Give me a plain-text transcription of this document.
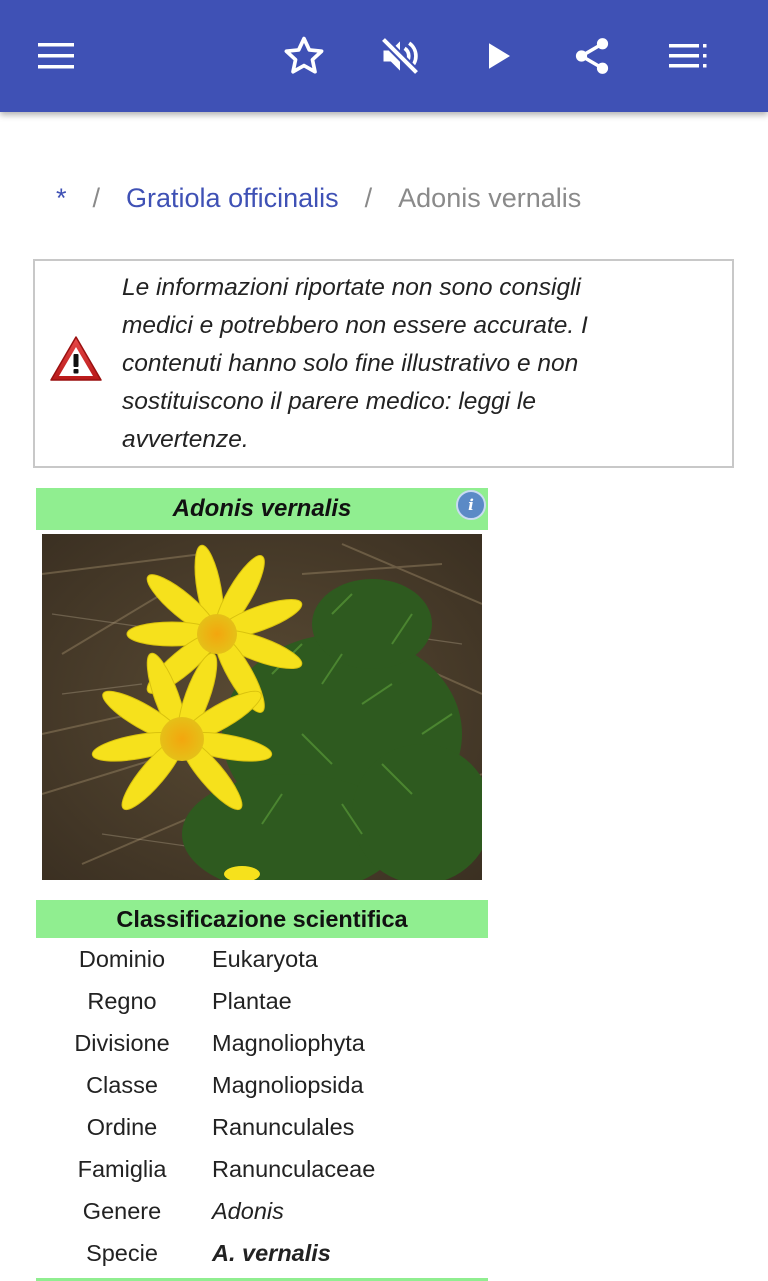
* / Gratiola officinalis / Adonis vernalis
Le informazioni riportate non sono consigli medici e potrebbero non essere accurate. I contenuti hanno solo fine illustrativo e non sostituiscono il parere medico: leggi le avvertenze.
Adonis vernalis	i
Classificazione scientifica
Dominio	Eukaryota
Regno	Plantae
Divisione	Magnoliophyta
Classe	Magnoliopsida
Ordine	Ranunculales
Famiglia	Ranunculaceae
Genere	Adonis
Specie	A. vernalis
